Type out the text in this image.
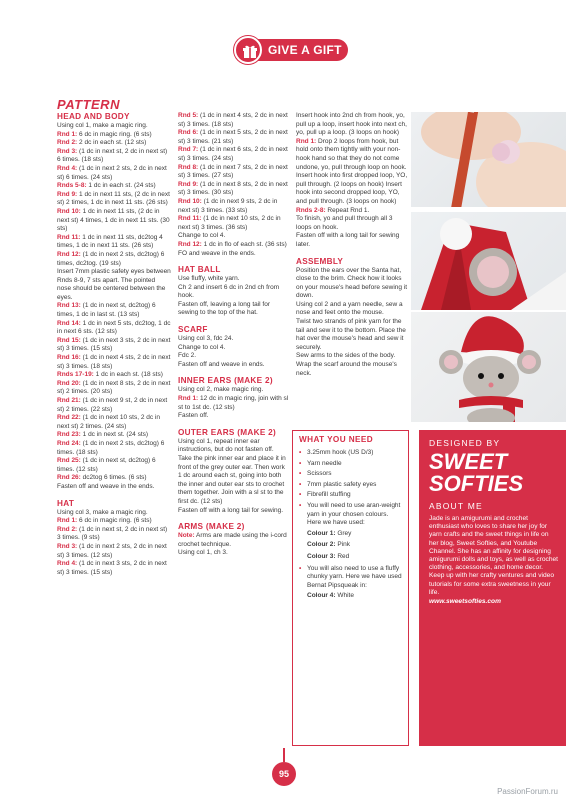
GIVE A GIFT
PATTERN
HEAD AND BODY
Using col 1, make a magic ring.
Rnd 1: 6 dc in magic ring. (6 sts)
Rnd 2: 2 dc in each st. (12 sts)
Rnd 3: (1 dc in next st, 2 dc in next st) 6 times. (18 sts)
Rnd 4: (1 dc in next 2 sts, 2 dc in next st) 6 times. (24 sts)
Rnds 5-8: 1 dc in each st. (24 sts)
Rnd 9: 1 dc in next 11 sts, (2 dc in next st) 2 times, 1 dc in next 11 sts. (26 sts)
Rnd 10: 1 dc in next 11 sts, (2 dc in next st) 4 times, 1 dc in next 11 sts. (30 sts)
Rnd 11: 1 dc in next 11 sts, dc2tog 4 times, 1 dc in next 11 sts. (26 sts)
Rnd 12: (1 dc in next 2 sts, dc2tog) 6 times, dc2tog. (19 sts)
Insert 7mm plastic safety eyes between Rnds 8-9, 7 sts apart. The pointed nose should be centered between the eyes.
Rnd 13: (1 dc in next st, dc2tog) 6 times, 1 dc in last st. (13 sts)
Rnd 14: 1 dc in next 5 sts, dc2tog, 1 dc in next 6 sts. (12 sts)
Rnd 15: (1 dc in next 3 sts, 2 dc in next st) 3 times. (15 sts)
Rnd 16: (1 dc in next 4 sts, 2 dc in next st) 3 times. (18 sts)
Rnds 17-19: 1 dc in each st. (18 sts)
Rnd 20: (1 dc in next 8 sts, 2 dc in next st) 2 times. (20 sts)
Rnd 21: (1 dc in next 9 st, 2 dc in next st) 2 times. (22 sts)
Rnd 22: (1 dc in next 10 sts, 2 dc in next st) 2 times. (24 sts)
Rnd 23: 1 dc in next st. (24 sts)
Rnd 24: (1 dc in next 2 sts, dc2tog) 6 times. (18 sts)
Rnd 25: (1 dc in next st, dc2tog) 6 times. (12 sts)
Rnd 26: dc2tog 6 times. (6 sts)
Fasten off and weave in the ends.
HAT
Using col 3, make a magic ring.
Rnd 1: 6 dc in magic ring. (6 sts)
Rnd 2: (1 dc in next st, 2 dc in next st) 3 times. (9 sts)
Rnd 3: (1 dc in next 2 sts, 2 dc in next st) 3 times. (12 sts)
Rnd 4: (1 dc in next 3 sts, 2 dc in next st) 3 times. (15 sts)
Rnd 5: (1 dc in next 4 sts, 2 dc in next st) 3 times. (18 sts)
Rnd 6: (1 dc in next 5 sts, 2 dc in next st) 3 times. (21 sts)
Rnd 7: (1 dc in next 6 sts, 2 dc in next st) 3 times. (24 sts)
Rnd 8: (1 dc in next 7 sts, 2 dc in next st) 3 times. (27 sts)
Rnd 9: (1 dc in next 8 sts, 2 dc in next st) 3 times. (30 sts)
Rnd 10: (1 dc in next 9 sts, 2 dc in next st) 3 times. (33 sts)
Rnd 11: (1 dc in next 10 sts, 2 dc in next st) 3 times. (36 sts)
Change to col 4.
Rnd 12: 1 dc in flo of each st. (36 sts)
FO and weave in the ends.
HAT BALL
Use fluffy, white yarn.
Ch 2 and insert 6 dc in 2nd ch from hook.
Fasten off, leaving a long tail for sewing to the top of the hat.
SCARF
Using col 3, fdc 24.
Change to col 4.
Fdc 2.
Fasten off and weave in ends.
INNER EARS (MAKE 2)
Using col 2, make magic ring.
Rnd 1: 12 dc in magic ring, join with sl st to 1st dc. (12 sts)
Fasten off.
OUTER EARS (MAKE 2)
Using col 1, repeat inner ear instructions, but do not fasten off.
Take the pink inner ear and place it in front of the grey outer ear. Then work 1 dc around each st, going into both the inner and outer ear sts to crochet them together. Join with a sl st to the first dc. (12 sts)
Fasten off with a long tail for sewing.
ARMS (MAKE 2)
Note: Arms are made using the i-cord crochet technique.
Using col 1, ch 3.
Insert hook into 2nd ch from hook, yo, pull up a loop, insert hook into next ch, yo, pull up a loop. (3 loops on hook)
Rnd 1: Drop 2 loops from hook, but hold onto them tightly with your non-hook hand so that they do not come undone, yo, pull through loop on hook. Insert hook into first dropped loop, YO, pull through. (2 loops on hook) Insert hook into second dropped loop, YO, and pull through. (3 loops on hook)
Rnds 2-8: Repeat Rnd 1.
To finish, yo and pull through all 3 loops on hook.
Fasten off with a long tail for sewing later.
ASSEMBLY
Position the ears over the Santa hat, close to the brim. Check how it looks on your mouse's head before sewing it down.
Using col 2 and a yarn needle, sew a nose and feet onto the mouse.
Twist two strands of pink yarn for the tail and sew it to the bottom. Place the hat over the mouse's head and sew it securely.
Sew arms to the sides of the body.
Wrap the scarf around the mouse's neck.
WHAT YOU NEED
• 3.25mm hook (US D/3)
• Yarn needle
• Scissors
• 7mm plastic safety eyes
• Fibrefill stuffing
• You will need to use aran-weight yarn in your chosen colours. Here we have used:
Colour 1: Grey
Colour 2: Pink
Colour 3: Red
• You will also need to use a fluffy chunky yarn. Here we have used Bernat Pipsqueak in:
Colour 4: White
DESIGNED BY
SWEET SOFTIES
ABOUT ME
Jade is an amigurumi and crochet enthusiast who loves to share her joy for yarn crafts and the sweet things in life on her blog, Sweet Softies, and Youtube Channel. She has an affinity for designing amigurumi dolls and toys, as well as crochet clothing, accessories, and home decor. Keep up with her crafty ventures and video tutorials for some extra sweetness in your life.
www.sweetsofties.com
95
PassionForum.ru
